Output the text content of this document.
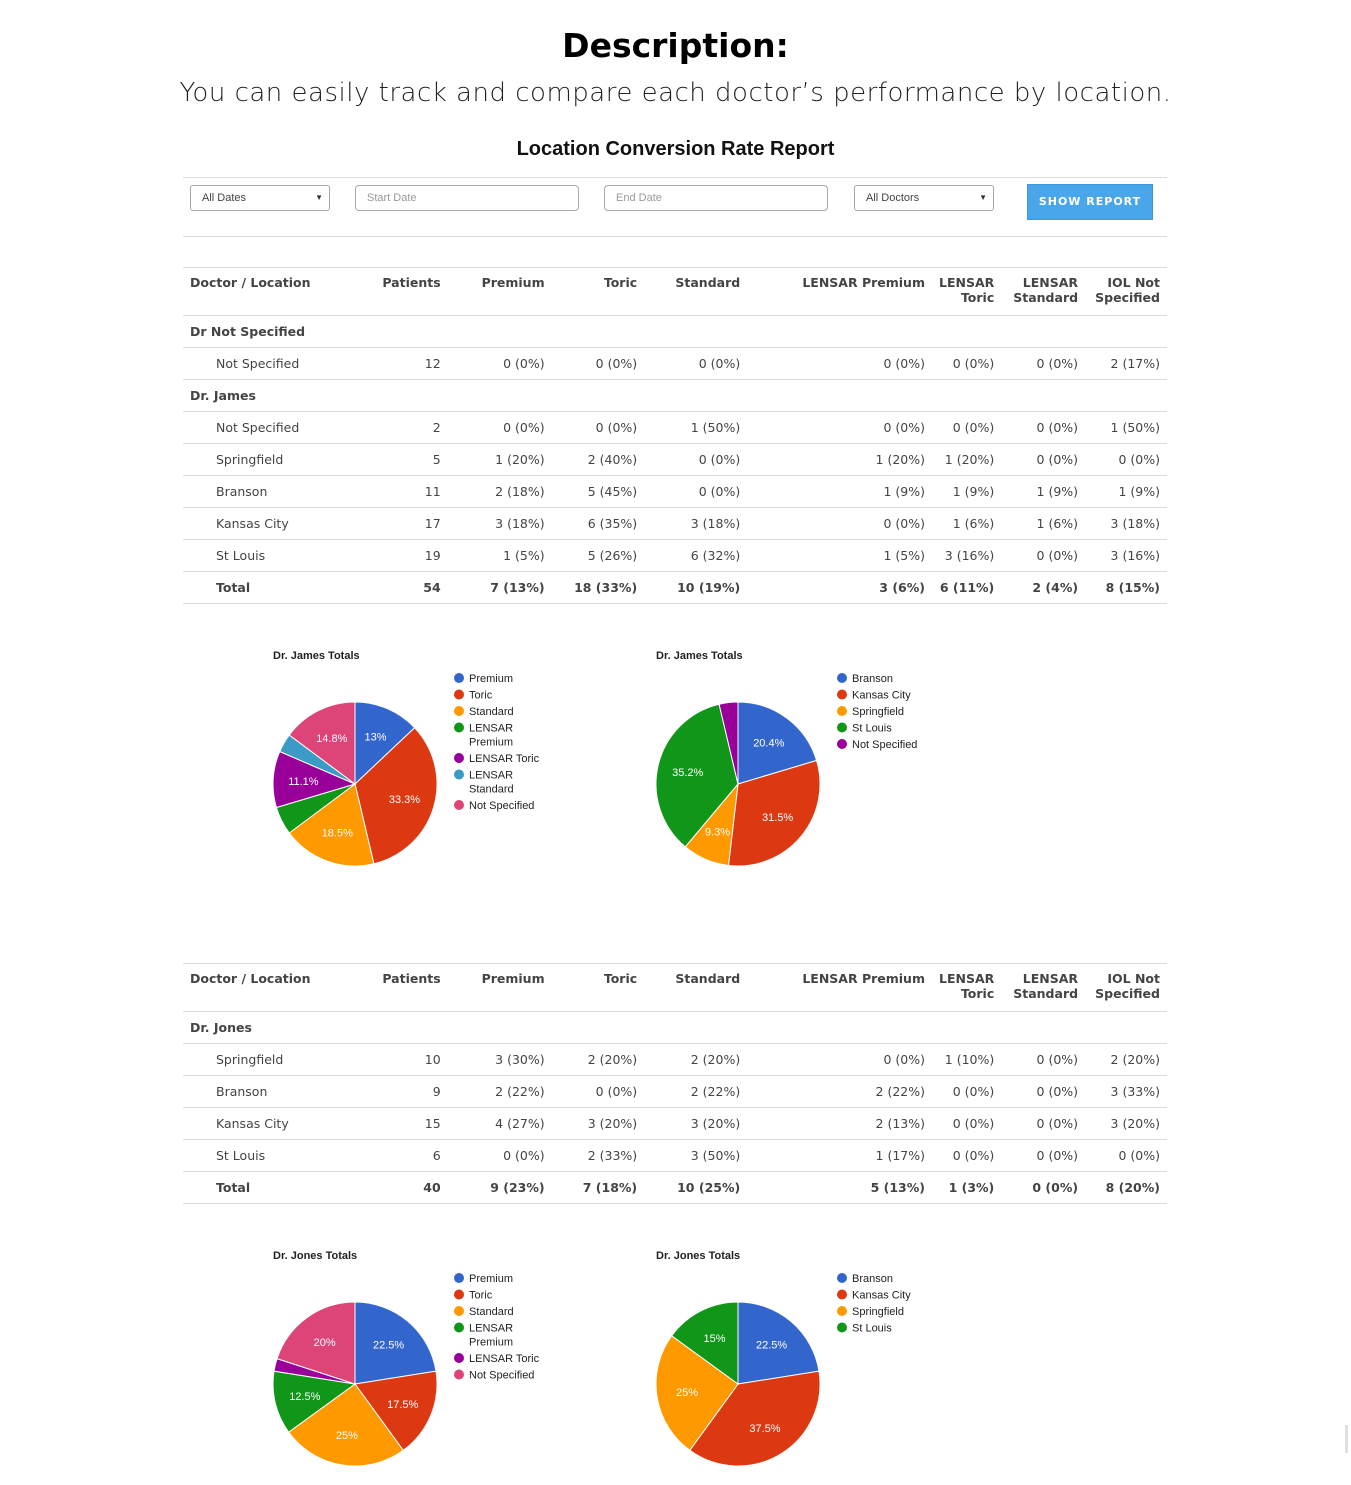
Description:
You can easily track and compare each doctor’s performance by location.
Location Conversion Rate Report
All Dates	▼	Start Date	End Date	All Doctors	▼	SHOW REPORT
Doctor / Location	Patients	Premium	Toric	Standard	LENSAR Premium	LENSAR Toric	LENSAR Standard	IOL Not Specified
Dr Not Specified								
Not Specified	12	0 (0%)	0 (0%)	0 (0%)	0 (0%)	0 (0%)	0 (0%)	2 (17%)
Dr. James								
Not Specified	2	0 (0%)	0 (0%)	1 (50%)	0 (0%)	0 (0%)	0 (0%)	1 (50%)
Springfield	5	1 (20%)	2 (40%)	0 (0%)	1 (20%)	1 (20%)	0 (0%)	0 (0%)
Branson	11	2 (18%)	5 (45%)	0 (0%)	1 (9%)	1 (9%)	1 (9%)	1 (9%)
Kansas City	17	3 (18%)	6 (35%)	3 (18%)	0 (0%)	1 (6%)	1 (6%)	3 (18%)
St Louis	19	1 (5%)	5 (26%)	6 (32%)	1 (5%)	3 (16%)	0 (0%)	3 (16%)
Total	54	7 (13%)	18 (33%)	10 (19%)	3 (6%)	6 (11%)	2 (4%)	8 (15%)
Dr. James Totals
13%
33.3%
18.5%
11.1%
14.8%
Premium
Toric
Standard
LENSAR
Premium
LENSAR Toric
LENSAR
Standard
Not Specified
Dr. James Totals
20.4%
31.5%
9.3%
35.2%
Branson
Kansas City
Springfield
St Louis
Not Specified
Doctor / Location	Patients	Premium	Toric	Standard	LENSAR Premium	LENSAR Toric	LENSAR Standard	IOL Not Specified
Dr. Jones								
Springfield	10	3 (30%)	2 (20%)	2 (20%)	0 (0%)	1 (10%)	0 (0%)	2 (20%)
Branson	9	2 (22%)	0 (0%)	2 (22%)	2 (22%)	0 (0%)	0 (0%)	3 (33%)
Kansas City	15	4 (27%)	3 (20%)	3 (20%)	2 (13%)	0 (0%)	0 (0%)	3 (20%)
St Louis	6	0 (0%)	2 (33%)	3 (50%)	1 (17%)	0 (0%)	0 (0%)	0 (0%)
Total	40	9 (23%)	7 (18%)	10 (25%)	5 (13%)	1 (3%)	0 (0%)	8 (20%)
Dr. Jones Totals
22.5%
17.5%
25%
12.5%
20%
Premium
Toric
Standard
LENSAR
Premium
LENSAR Toric
Not Specified
Dr. Jones Totals
22.5%
37.5%
25%
15%
Branson
Kansas City
Springfield
St Louis
